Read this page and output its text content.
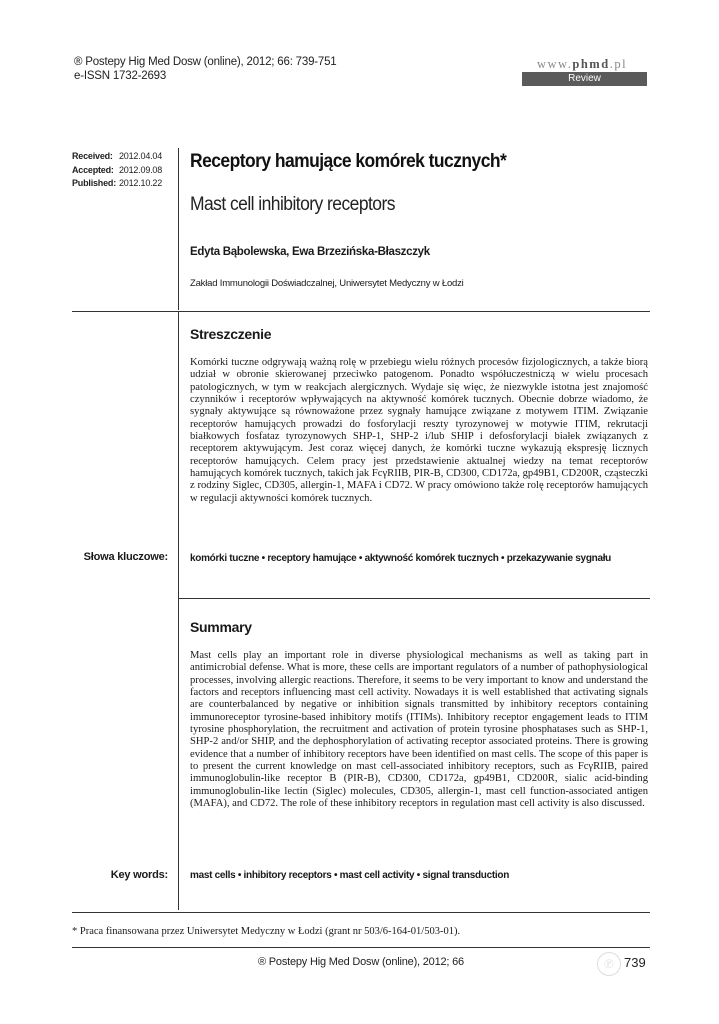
® Postepy Hig Med Dosw (online), 2012; 66: 739-751
e-ISSN 1732-2693
www.phmd.pl
Review
Received: 2012.04.04
Accepted: 2012.09.08
Published: 2012.10.22
Receptory hamujące komórek tucznych*
Mast cell inhibitory receptors
Edyta Bąbolewska, Ewa Brzezińska-Błaszczyk
Zakład Immunologii Doświadczalnej, Uniwersytet Medyczny w Łodzi
Streszczenie
Komórki tuczne odgrywają ważną rolę w przebiegu wielu różnych procesów fizjologicznych, a także biorą udział w obronie skierowanej przeciwko patogenom. Ponadto współuczestniczą w wielu procesach patologicznych, w tym w reakcjach alergicznych. Wydaje się więc, że niezwykle istotna jest znajomość czynników i receptorów wpływających na aktywność komórek tucznych. Obecnie dobrze wiadomo, że sygnały aktywujące są równoważone przez sygnały hamujące związane z motywem ITIM. Związanie receptorów hamujących prowadzi do fosforylacji reszty tyrozynowej w motywie ITIM, rekrutacji białkowych fosfataz tyrozynowych SHP-1, SHP-2 i/lub SHIP i defosforylacji białek związanych z receptorem aktywującym. Jest coraz więcej danych, że komórki tuczne wykazują ekspresję licznych receptorów hamujących. Celem pracy jest przedstawienie aktualnej wiedzy na temat receptorów hamujących komórek tucznych, takich jak FcγRIIB, PIR-B, CD300, CD172a, gp49B1, CD200R, cząsteczki z rodziny Siglec, CD305, allergin-1, MAFA i CD72. W pracy omówiono także rolę receptorów hamujących w regulacji aktywności komórek tucznych.
Słowa kluczowe: komórki tuczne • receptory hamujące • aktywność komórek tucznych • przekazywanie sygnału
Summary
Mast cells play an important role in diverse physiological mechanisms as well as taking part in antimicrobial defense. What is more, these cells are important regulators of a number of pathophysiological processes, involving allergic reactions. Therefore, it seems to be very important to know and understand the factors and receptors influencing mast cell activity. Nowadays it is well established that activating signals are counterbalanced by negative or inhibition signals transmitted by inhibitory receptors containing immunoreceptor tyrosine-based inhibitory motifs (ITIMs). Inhibitory receptor engagement leads to ITIM tyrosine phosphorylation, the recruitment and activation of protein tyrosine phosphatases such as SHP-1, SHP-2 and/or SHIP, and the dephosphorylation of activating receptor associated proteins. There is growing evidence that a number of inhibitory receptors have been identified on mast cells. The scope of this paper is to present the current knowledge on mast cell-associated inhibitory receptors, such as FcγRIIB, paired immunoglobulin-like receptor B (PIR-B), CD300, CD172a, gp49B1, CD200R, sialic acid-binding immunoglobulin-like lectin (Siglec) molecules, CD305, allergin-1, mast cell function-associated antigen (MAFA), and CD72. The role of these inhibitory receptors in regulation mast cell activity is also discussed.
Key words: mast cells • inhibitory receptors • mast cell activity • signal transduction
* Praca finansowana przez Uniwersytet Medyczny w Łodzi (grant nr 503/6-164-01/503-01).
® Postepy Hig Med Dosw (online), 2012; 66	℗ 739
